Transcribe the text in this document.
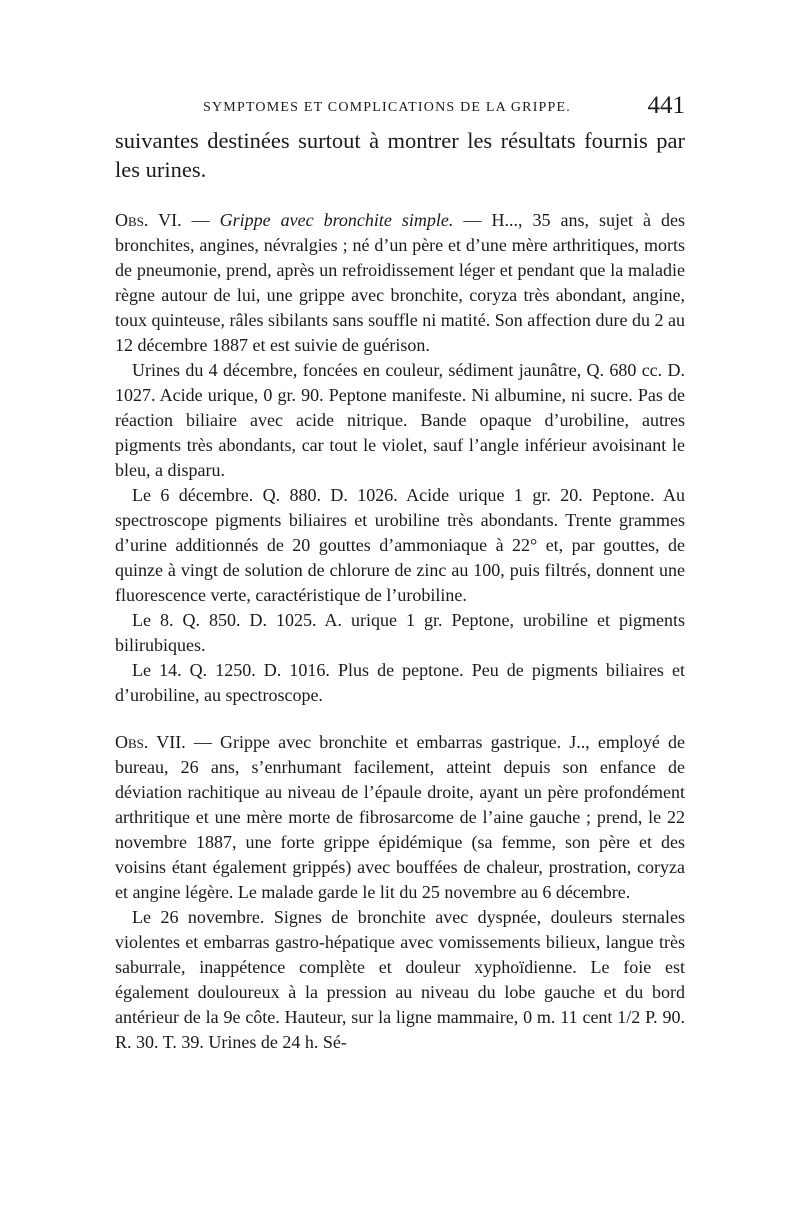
SYMPTOMES ET COMPLICATIONS DE LA GRIPPE.	441

suivantes destinées surtout à montrer les résultats fournis par les urines.

Obs. VI. — Grippe avec bronchite simple. — H..., 35 ans, sujet à des bronchites, angines, névralgies ; né d’un père et d’une mère arthritiques, morts de pneumonie, prend, après un refroidissement léger et pendant que la maladie règne autour de lui, une grippe avec bronchite, coryza très abondant, angine, toux quinteuse, râles sibilants sans souffle ni matité. Son affection dure du 2 au 12 décembre 1887 et est suivie de guérison.

Urines du 4 décembre, foncées en couleur, sédiment jaunâtre, Q. 680 cc. D. 1027. Acide urique, 0 gr. 90. Peptone manifeste. Ni albumine, ni sucre. Pas de réaction biliaire avec acide nitrique. Bande opaque d’urobiline, autres pigments très abondants, car tout le violet, sauf l’angle inférieur avoisinant le bleu, a disparu.

Le 6 décembre. Q. 880. D. 1026. Acide urique 1 gr. 20. Peptone. Au spectroscope pigments biliaires et urobiline très abondants. Trente grammes d’urine additionnés de 20 gouttes d’ammoniaque à 22° et, par gouttes, de quinze à vingt de solution de chlorure de zinc au 100, puis filtrés, donnent une fluorescence verte, caractéristique de l’urobiline.

Le 8. Q. 850. D. 1025. A. urique 1 gr. Peptone, urobiline et pigments bilirubiques.

Le 14. Q. 1250. D. 1016. Plus de peptone. Peu de pigments biliaires et d’urobiline, au spectroscope.

Obs. VII. — Grippe avec bronchite et embarras gastrique. J.., employé de bureau, 26 ans, s’enrhumant facilement, atteint depuis son enfance de déviation rachitique au niveau de l’épaule droite, ayant un père profondément arthritique et une mère morte de fibrosarcome de l’aine gauche ; prend, le 22 novembre 1887, une forte grippe épidémique (sa femme, son père et des voisins étant également grippés) avec bouffées de chaleur, prostration, coryza et angine légère. Le malade garde le lit du 25 novembre au 6 décembre.

Le 26 novembre. Signes de bronchite avec dyspnée, douleurs sternales violentes et embarras gastro-hépatique avec vomissements bilieux, langue très saburrale, inappétence complète et douleur xyphoïdienne. Le foie est également douloureux à la pression au niveau du lobe gauche et du bord antérieur de la 9e côte. Hauteur, sur la ligne mammaire, 0 m. 11 cent 1/2 P. 90. R. 30. T. 39. Urines de 24 h. Sé-
